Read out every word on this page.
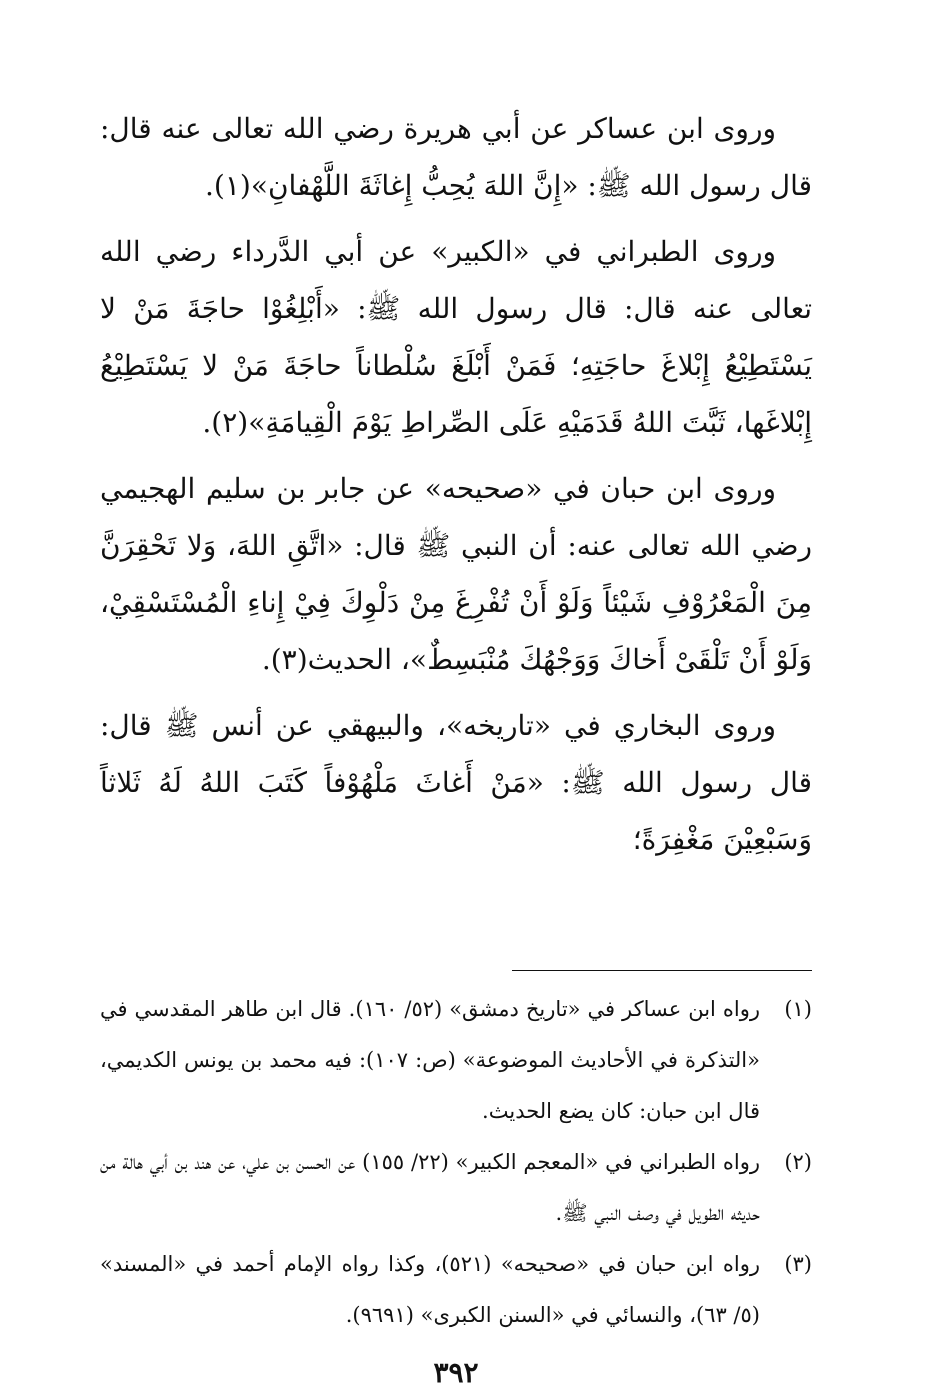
وروى ابن عساكر عن أبي هريرة رضي الله تعالى عنه قال: قال رسول الله ﷺ: «إِنَّ اللهَ يُحِبُّ إِغاثَةَ اللَّهْفانِ»(١).

وروى الطبراني في «الكبير» عن أبي الدَّرداء رضي الله تعالى عنه قال: قال رسول الله ﷺ: «أَبْلِغُوْا حاجَةَ مَنْ لا يَسْتَطِيْعُ إِبْلاغَ حاجَتِهِ؛ فَمَنْ أَبْلَغَ سُلْطاناً حاجَةَ مَنْ لا يَسْتَطِيْعُ إِبْلاغَها، ثَبَّتَ اللهُ قَدَمَيْهِ عَلَى الصِّراطِ يَوْمَ الْقِيامَةِ»(٢).

وروى ابن حبان في «صحيحه» عن جابر بن سليم الهجيمي رضي الله تعالى عنه: أن النبي ﷺ قال: «اتَّقِ اللهَ، وَلا تَحْقِرَنَّ مِنَ الْمَعْرُوْفِ شَيْئاً وَلَوْ أَنْ تُفْرِغَ مِنْ دَلْوِكَ فِيْ إِناءِ الْمُسْتَسْقِيْ، وَلَوْ أَنْ تَلْقَىْ أَخاكَ وَوَجْهُكَ مُنْبَسِطٌ»، الحديث(٣).

وروى البخاري في «تاريخه»، والبيهقي عن أنس ﷺ قال: قال رسول الله ﷺ: «مَنْ أَغاثَ مَلْهُوْفاً كَتَبَ اللهُ لَهُ ثَلاثاً وَسَبْعِيْنَ مَغْفِرَةً؛

(١)
رواه ابن عساكر في «تاريخ دمشق» (٥٢/ ١٦٠). قال ابن طاهر المقدسي في «التذكرة في الأحاديث الموضوعة» (ص: ١٠٧): فيه محمد بن يونس الكديمي، قال ابن حبان: كان يضع الحديث.
(٢)
رواه الطبراني في «المعجم الكبير» (٢٢/ ١٥٥) عن الحسن بن علي، عن هند بن أبي هالة من حديثه الطويل في وصف النبي ﷺ.
(٣)
رواه ابن حبان في «صحيحه» (٥٢١)، وكذا رواه الإمام أحمد في «المسند» (٥/ ٦٣)، والنسائي في «السنن الكبرى» (٩٦٩١).
٣٩٢
